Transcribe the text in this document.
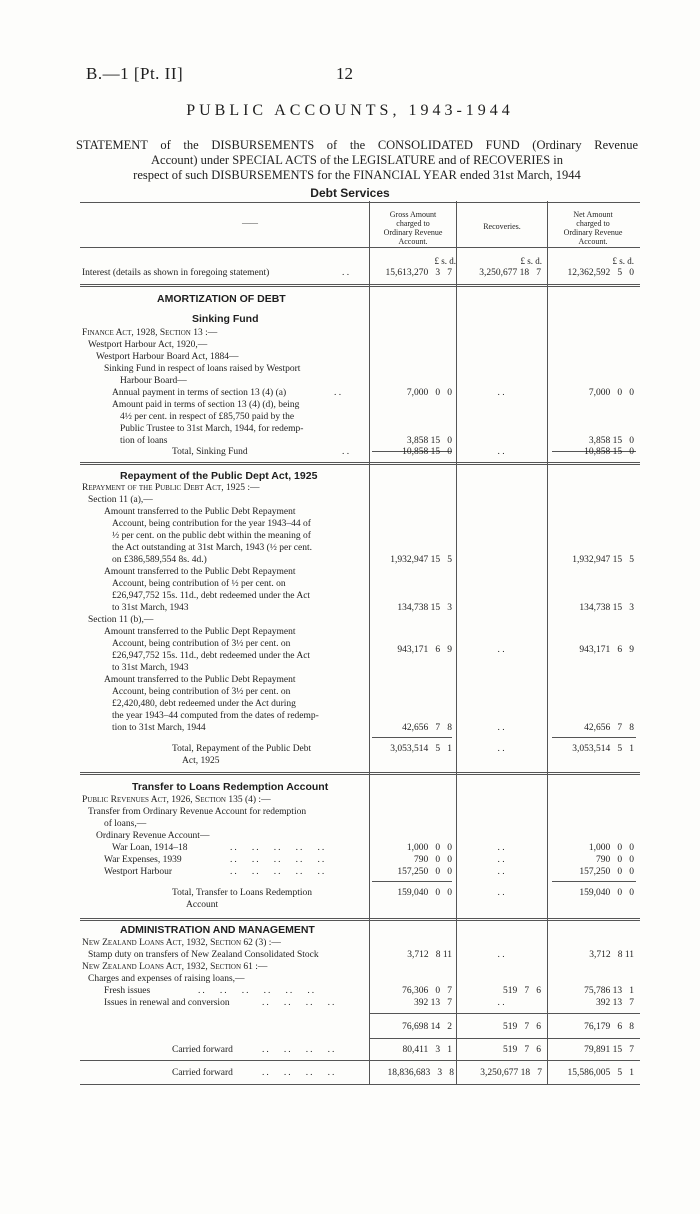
B.—1 [Pt. II]	12
PUBLIC ACCOUNTS, 1943-1944
STATEMENT of the DISBURSEMENTS of the CONSOLIDATED FUND (Ordinary Revenue
Account) under SPECIAL ACTS of the LEGISLATURE and of RECOVERIES in
respect of such DISBURSEMENTS for the FINANCIAL YEAR ended 31st March, 1944
Debt Services
——
Gross Amount
charged to
Ordinary Revenue
Account.
Recoveries.
Net Amount
charged to
Ordinary Revenue
Account.
£ s. d.	£ s. d.	£ s. d.
Interest (details as shown in foregoing statement)	. .	15,613,270   3   7	3,250,677 18   7	12,362,592   5   0
AMORTIZATION OF DEBT
Sinking Fund
Finance Act, 1928, Section 13 :—
Westport Harbour Act, 1920,—
Westport Harbour Board Act, 1884—
Sinking Fund in respect of loans raised by Westport
Harbour Board—
Annual payment in terms of section 13 (4) (a)	. .	7,000   0   0	. .	7,000   0   0
Amount paid in terms of section 13 (4) (d), being
4½ per cent. in respect of £85,750 paid by the
Public Trustee to 31st March, 1944, for redemp-
tion of loans	3,858 15   0	3,858 15   0
Total, Sinking Fund	. .	10,858 15   0	. .	10,858 15   0
Repayment of the Public Dept Act, 1925
Repayment of the Public Debt Act, 1925 :—
Section 11 (a),—
Amount transferred to the Public Debt Repayment
Account, being contribution for the year 1943–44 of
½ per cent. on the public debt within the meaning of
the Act outstanding at 31st March, 1943 (½ per cent.
on £386,589,554 8s. 4d.)	1,932,947 15   5	1,932,947 15   5
Amount transferred to the Public Debt Repayment
Account, being contribution of ½ per cent. on
£26,947,752 15s. 11d., debt redeemed under the Act
to 31st March, 1943	134,738 15   3	134,738 15   3
Section 11 (b),—
Amount transferred to the Public Dept Repayment
Account, being contribution of 3½ per cent. on
£26,947,752 15s. 11d., debt redeemed under the Act
943,171   6   9	. .	943,171   6   9
to 31st March, 1943
Amount transferred to the Public Debt Repayment
Account, being contribution of 3½ per cent. on
£2,420,480, debt redeemed under the Act during
the year 1943–44 computed from the dates of redemp-
tion to 31st March, 1944	42,656   7   8	. .	42,656   7   8
Total, Repayment of the Public Debt	3,053,514   5   1	. .	3,053,514   5   1
Act, 1925
Transfer to Loans Redemption Account
Public Revenues Act, 1926, Section 135 (4) :—
Transfer from Ordinary Revenue Account for redemption
of loans,—
Ordinary Revenue Account—
War Loan, 1914–18	..   ..   ..   ..   ..	1,000   0   0	. .	1,000   0   0
War Expenses, 1939	..   ..   ..   ..   ..	790   0   0	. .	790   0   0
Westport Harbour	..   ..   ..   ..   ..	157,250   0   0	. .	157,250   0   0
Total, Transfer to Loans Redemption	159,040   0   0	. .	159,040   0   0
Account
ADMINISTRATION AND MANAGEMENT
New Zealand Loans Act, 1932, Section 62 (3) :—
Stamp duty on transfers of New Zealand Consolidated Stock	3,712   8 11	. .	3,712   8 11
New Zealand Loans Act, 1932, Section 61 :—
Charges and expenses of raising loans,—
Fresh issues	..   ..   ..   ..   ..   ..	76,306   0   7	519   7   6	75,786 13   1
Issues in renewal and conversion	..   ..   ..   ..	392 13   7	. .	392 13   7
76,698 14   2	519   7   6	76,179   6   8
Carried forward	..   ..   ..   ..	80,411   3   1	519   7   6	79,891 15   7
Carried forward	..   ..   ..   ..	18,836,683   3   8	3,250,677 18   7	15,586,005   5   1
